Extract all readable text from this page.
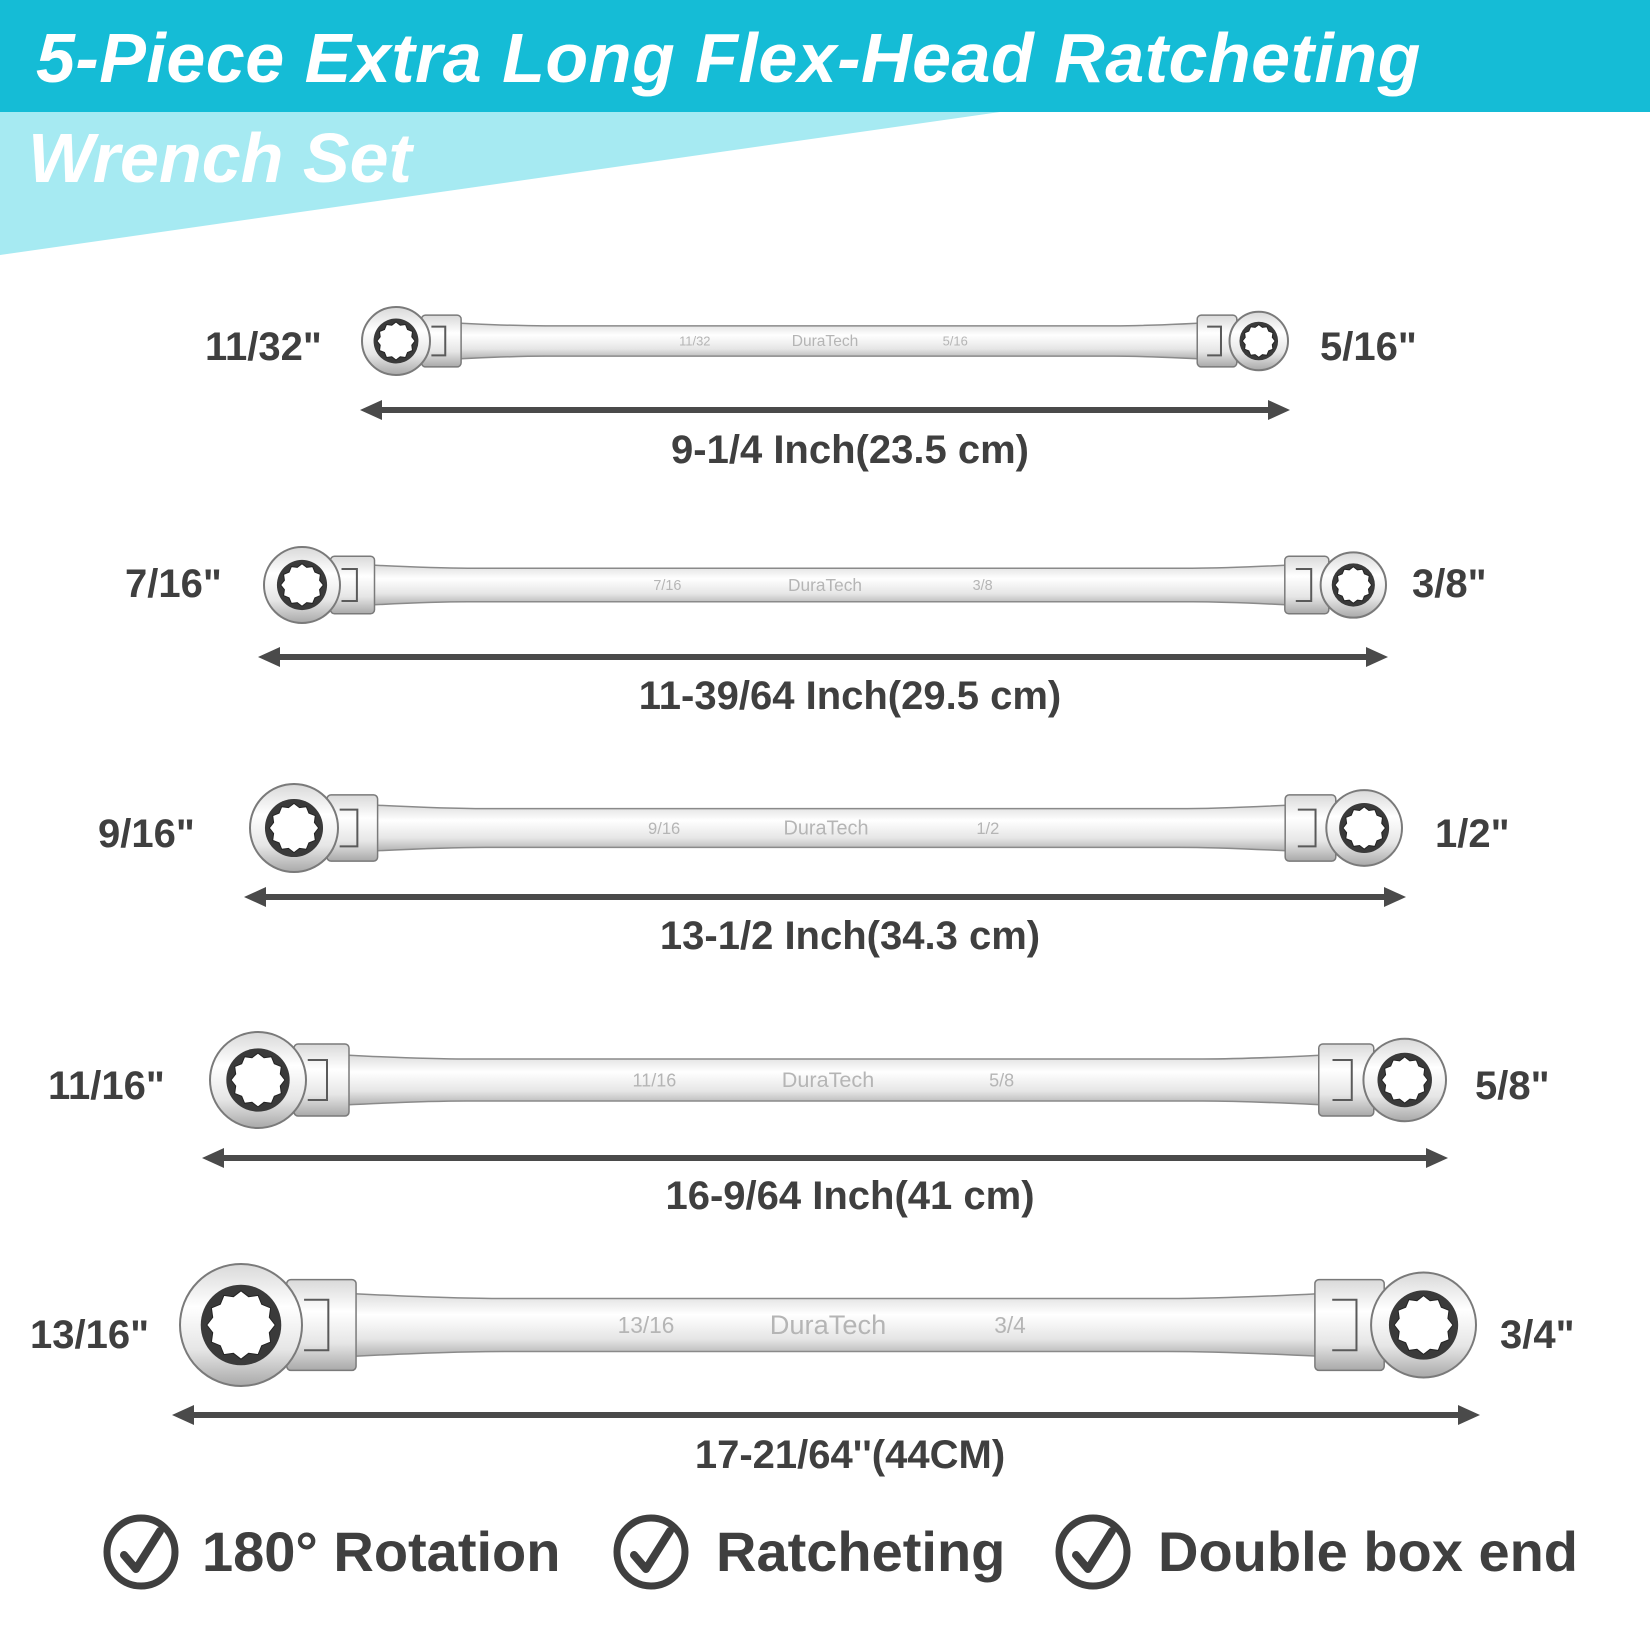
5-Piece Extra Long Flex-Head Ratcheting
Wrench Set
11/32"	5/16"
11/32	DuraTech	5/16
9-1/4 Inch(23.5 cm)
7/16"	3/8"
7/16	DuraTech	3/8
11-39/64 Inch(29.5 cm)
9/16"	1/2"
9/16	DuraTech	1/2
13-1/2 Inch(34.3 cm)
11/16"	5/8"
11/16	DuraTech	5/8
16-9/64 Inch(41 cm)
13/16"	3/4"
13/16	DuraTech	3/4
17-21/64''(44CM)
180° Rotation	Ratcheting	Double box end
